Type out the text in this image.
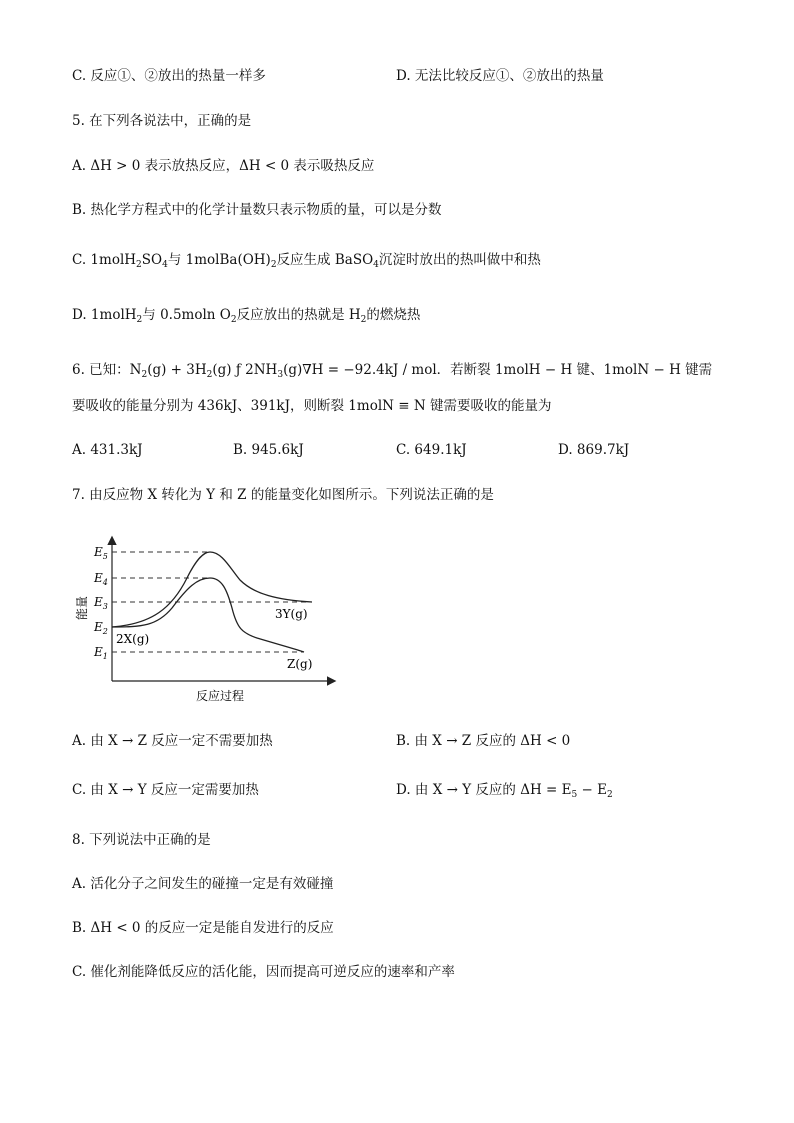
C. 反应①、②放出的热量一样多	D. 无法比较反应①、②放出的热量
5. 在下列各说法中，正确的是
A. ΔH > 0 表示放热反应，ΔH < 0 表示吸热反应
B. 热化学方程式中的化学计量数只表示物质的量，可以是分数
C. $1molH_2SO_4$与 $1molBa(OH)_2$反应生成 BaSO$_4$沉淀时放出的热叫做中和热
D. 1molH$_2$与 0.5moln $O_2$反应放出的热就是 $H_2$的燃烧热
6. 已知：$N_2(g) + 3H_2(g)$ ƒ $2NH_3(g)\nabla H = -92.4kJ$ / mol．若断裂 1molH − H 键、1molN − H 键需
要吸收的能量分别为 436kJ、391kJ，则断裂 1molN ≡ N 键需要吸收的能量为
A. 431.3kJ	B. 945.6kJ	C. 649.1kJ	D. 869.7kJ
7. 由反应物 X 转化为 Y 和 Z 的能量变化如图所示。下列说法正确的是
$E_5$
$E_4$
$E_3$
$E_2$
$E_1$
能量
反应过程
2X(g)
3Y(g)
Z(g)
A. 由 X → Z 反应一定不需要加热	B. 由 X → Z 反应的 ΔH < 0
C. 由 X → Y 反应一定需要加热	D. 由 X → Y 反应的 $\Delta H = E_5 - E_2$
8. 下列说法中正确的是
A. 活化分子之间发生的碰撞一定是有效碰撞
B. ΔH < 0 的反应一定是能自发进行的反应
C. 催化剂能降低反应的活化能，因而提高可逆反应的速率和产率
